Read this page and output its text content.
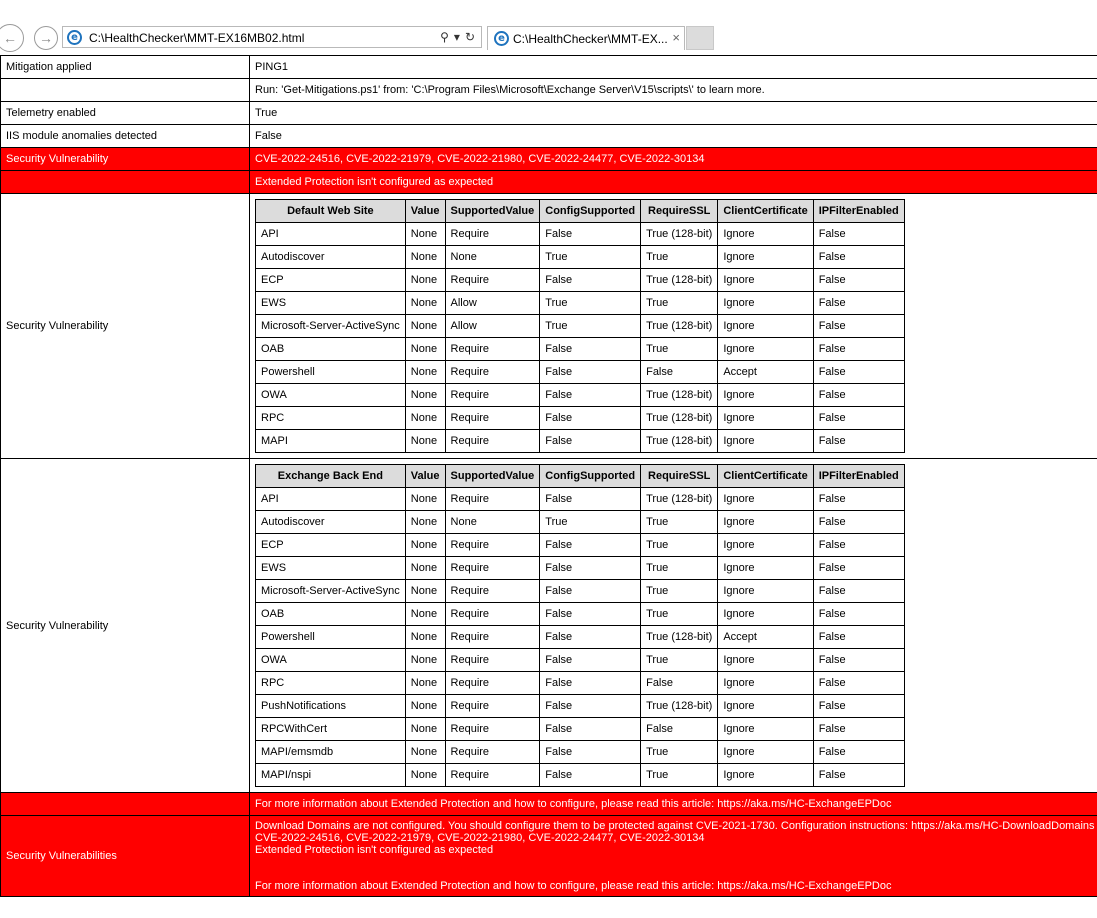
←	→	e C:\HealthChecker\MMT-EX16MB02.html	⚲ ▾ ↻	e C:\HealthChecker\MMT-EX... ×
Mitigation applied	PING1
	Run: 'Get-Mitigations.ps1' from: 'C:\Program Files\Microsoft\Exchange Server\V15\scripts\' to learn more.
Telemetry enabled	True
IIS module anomalies detected	False
Security Vulnerability	CVE-2022-24516, CVE-2022-21979, CVE-2022-21980, CVE-2022-24477, CVE-2022-30134
	Extended Protection isn't configured as expected
Security Vulnerability	
Default Web Site	Value	SupportedValue	ConfigSupported	RequireSSL	ClientCertificate	IPFilterEnabled
API	None	Require	False	True (128-bit)	Ignore	False
Autodiscover	None	None	True	True	Ignore	False
ECP	None	Require	False	True (128-bit)	Ignore	False
EWS	None	Allow	True	True	Ignore	False
Microsoft-Server-ActiveSync	None	Allow	True	True (128-bit)	Ignore	False
OAB	None	Require	False	True	Ignore	False
Powershell	None	Require	False	False	Accept	False
OWA	None	Require	False	True (128-bit)	Ignore	False
RPC	None	Require	False	True (128-bit)	Ignore	False
MAPI	None	Require	False	True (128-bit)	Ignore	False

Security Vulnerability	
Exchange Back End	Value	SupportedValue	ConfigSupported	RequireSSL	ClientCertificate	IPFilterEnabled
API	None	Require	False	True (128-bit)	Ignore	False
Autodiscover	None	None	True	True	Ignore	False
ECP	None	Require	False	True	Ignore	False
EWS	None	Require	False	True	Ignore	False
Microsoft-Server-ActiveSync	None	Require	False	True	Ignore	False
OAB	None	Require	False	True	Ignore	False
Powershell	None	Require	False	True (128-bit)	Accept	False
OWA	None	Require	False	True	Ignore	False
RPC	None	Require	False	False	Ignore	False
PushNotifications	None	Require	False	True (128-bit)	Ignore	False
RPCWithCert	None	Require	False	False	Ignore	False
MAPI/emsmdb	None	Require	False	True	Ignore	False
MAPI/nspi	None	Require	False	True	Ignore	False

	For more information about Extended Protection and how to configure, please read this article: https://aka.ms/HC-ExchangeEPDoc
Security Vulnerabilities	
Download Domains are not configured. You should configure them to be protected against CVE-2021-1730. Configuration instructions: https://aka.ms/HC-DownloadDomains
CVE-2022-24516, CVE-2022-21979, CVE-2022-21980, CVE-2022-24477, CVE-2022-30134
Extended Protection isn't configured as expected
For more information about Extended Protection and how to configure, please read this article: https://aka.ms/HC-ExchangeEPDoc
